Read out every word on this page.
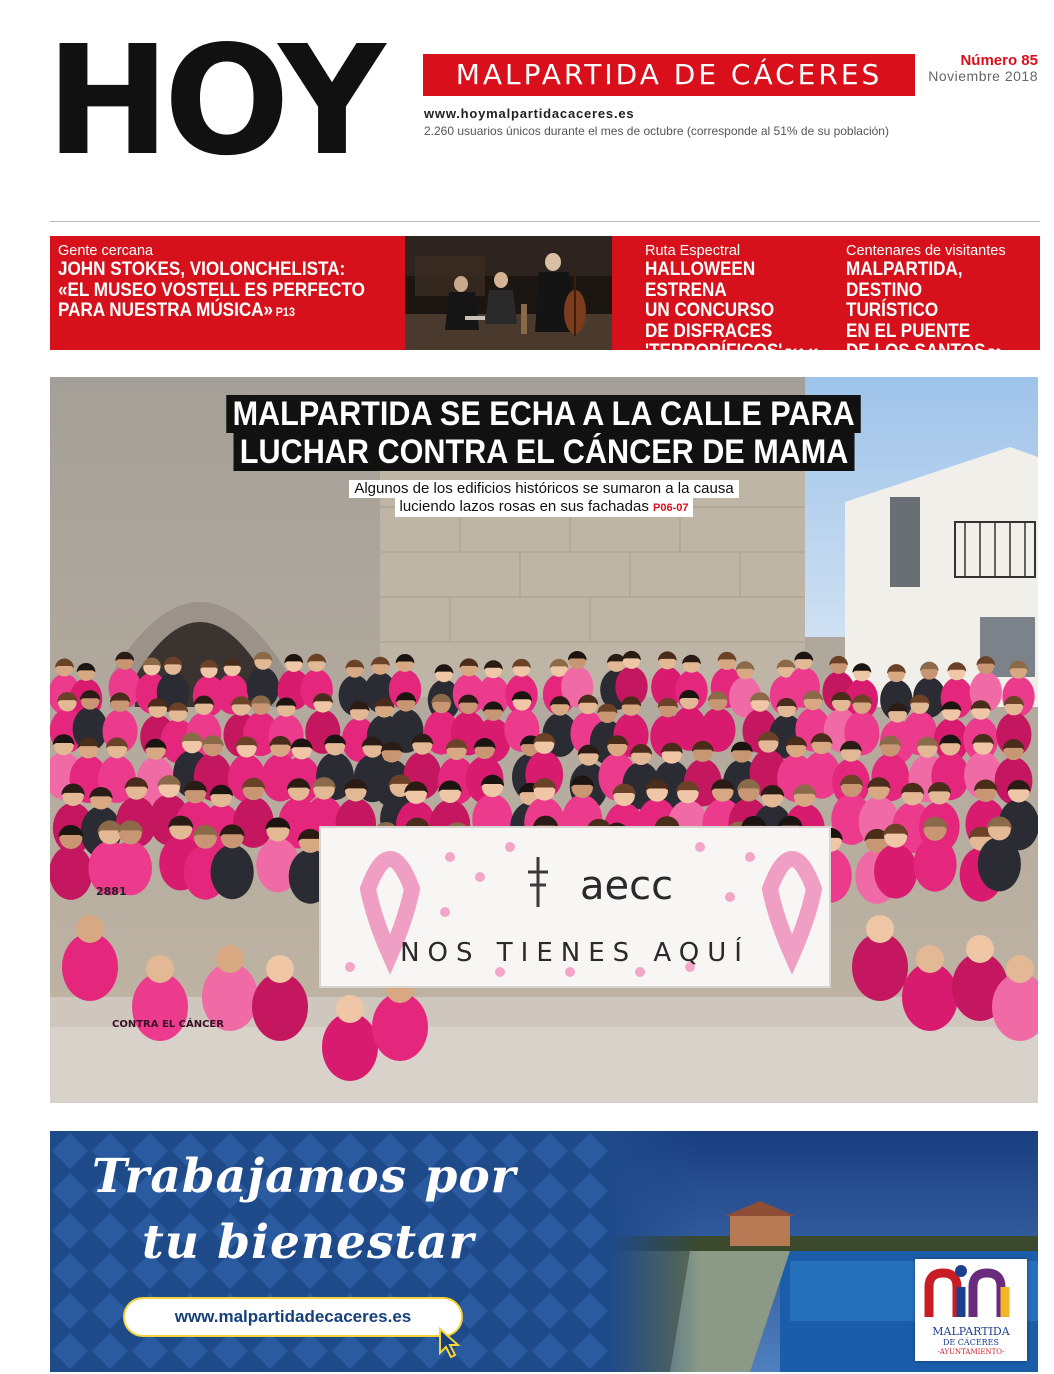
HOY	MALPARTIDA DE CÁCERES	Número 85
Noviembre 2018
www.hoymalpartidacaceres.es
2.260 usuarios únicos durante el mes de octubre (corresponde al 51% de su población)
Gente cercana
JOHN STOKES, VIOLONCHELISTA:
«EL MUSEO VOSTELL ES PERFECTO
PARA NUESTRA MÚSICA» P13
Ruta Espectral
HALLOWEEN ESTRENA
UN CONCURSO
DE DISFRACES
'TERRORÍFICOS' P10-11
Centenares de visitantes
MALPARTIDA,
DESTINO TURÍSTICO
EN EL PUENTE
DE LOS SANTOS P2
aecc
NOS TIENES AQUÍ
2881
CONTRA EL CÁNCER
MALPARTIDA SE ECHA A LA CALLE PARA
LUCHAR CONTRA EL CÁNCER DE MAMA
Algunos de los edificios históricos se sumaron a la causa
luciendo lazos rosas en sus fachadas P06-07
Trabajamos por
tu bienestar
www.malpartidadecaceres.es
MALPARTIDA
DE CÁCERES
-AYUNTAMIENTO-
